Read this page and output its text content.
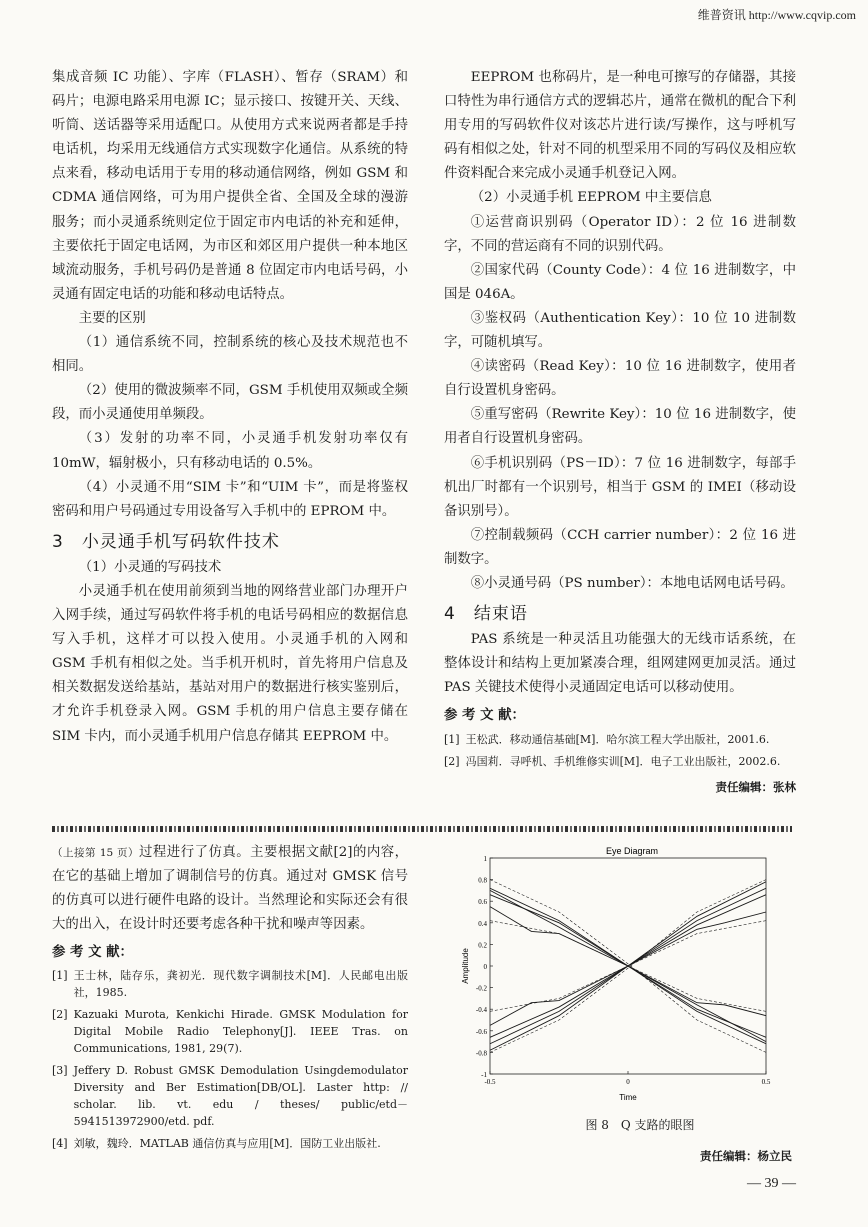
维普资讯 http://www.cqvip.com

集成音频 IC 功能）、字库（FLASH）、暂存（SRAM）和码片；电源电路采用电源 IC；显示接口、按键开关、天线、听筒、送话器等采用适配口。从使用方式来说两者都是手持电话机，均采用无线通信方式实现数字化通信。从系统的特点来看，移动电话用于专用的移动通信网络，例如 GSM 和 CDMA 通信网络，可为用户提供全省、全国及全球的漫游服务；而小灵通系统则定位于固定市内电话的补充和延伸，主要依托于固定电话网，为市区和郊区用户提供一种本地区域流动服务，手机号码仍是普通 8 位固定市内电话号码，小灵通有固定电话的功能和移动电话特点。

主要的区别

（1）通信系统不同，控制系统的核心及技术规范也不相同。

（2）使用的微波频率不同，GSM 手机使用双频或全频段，而小灵通使用单频段。

（3）发射的功率不同，小灵通手机发射功率仅有 10mW，辐射极小，只有移动电话的 0.5%。

（4）小灵通不用“SIM 卡”和“UIM 卡”，而是将鉴权密码和用户号码通过专用设备写入手机中的 EPROM 中。

3　小灵通手机写码软件技术

（1）小灵通的写码技术

小灵通手机在使用前须到当地的网络营业部门办理开户入网手续，通过写码软件将手机的电话号码相应的数据信息写入手机，这样才可以投入使用。小灵通手机的入网和 GSM 手机有相似之处。当手机开机时，首先将用户信息及相关数据发送给基站，基站对用户的数据进行核实鉴别后，才允许手机登录入网。GSM 手机的用户信息主要存储在 SIM 卡内，而小灵通手机用户信息存储其 EEPROM 中。

EEPROM 也称码片，是一种电可擦写的存储器，其接口特性为串行通信方式的逻辑芯片，通常在微机的配合下利用专用的写码软件仪对该芯片进行读/写操作，这与呼机写码有相似之处，针对不同的机型采用不同的写码仪及相应软件资料配合来完成小灵通手机登记入网。

（2）小灵通手机 EEPROM 中主要信息

①运营商识别码（Operator ID）：2 位 16 进制数字，不同的营运商有不同的识别代码。

②国家代码（County Code）：4 位 16 进制数字，中国是 046A。

③鉴权码（Authentication Key）：10 位 10 进制数字，可随机填写。

④读密码（Read Key）：10 位 16 进制数字，使用者自行设置机身密码。

⑤重写密码（Rewrite Key）：10 位 16 进制数字，使用者自行设置机身密码。

⑥手机识别码（PS－ID）：7 位 16 进制数字，每部手机出厂时都有一个识别号，相当于 GSM 的 IMEI（移动设备识别号）。

⑦控制载频码（CCH carrier number）：2 位 16 进制数字。

⑧小灵通号码（PS number）：本地电话网电话号码。

4　结束语

PAS 系统是一种灵活且功能强大的无线市话系统，在整体设计和结构上更加紧凑合理，组网建网更加灵活。通过 PAS 关键技术使得小灵通固定电话可以移动使用。

参 考 文 献：
[1] 王松武．移动通信基础[M]．哈尔滨工程大学出版社，2001.6.
[2] 冯国莉．寻呼机、手机维修实训[M]．电子工业出版社，2002.6.
责任编辑：张林

（上接第 15 页）过程进行了仿真。主要根据文献[2]的内容，在它的基础上增加了调制信号的仿真。通过对 GMSK 信号的仿真可以进行硬件电路的设计。当然理论和实际还会有很大的出入，在设计时还要考虑各种干扰和噪声等因素。

参 考 文 献：
[1] 王士林，陆存乐，龚初光．现代数字调制技术[M]．人民邮电出版社，1985.
[2] Kazuaki Murota, Kenkichi Hirade. GMSK Modulation for Digital Mobile Radio Telephony[J]. IEEE Tras. on Communications, 1981, 29(7).
[3] Jeffery D. Robust GMSK Demodulation Usingdemodulator Diversity and Ber Estimation[DB/OL]. Laster http: // scholar. lib. vt. edu / theses/ public/etd－5941513972900/etd. pdf.
[4] 刘敏，魏玲．MATLAB 通信仿真与应用[M]．国防工业出版社.
Eye Diagram
-1
-0.8
-0.6
-0.4
-0.2
0
0.2
0.4
0.6
0.8
1
-0.5	0	0.5
Amplitude
Time
图 8　Q 支路的眼图
责任编辑：杨立民
— 39 —
